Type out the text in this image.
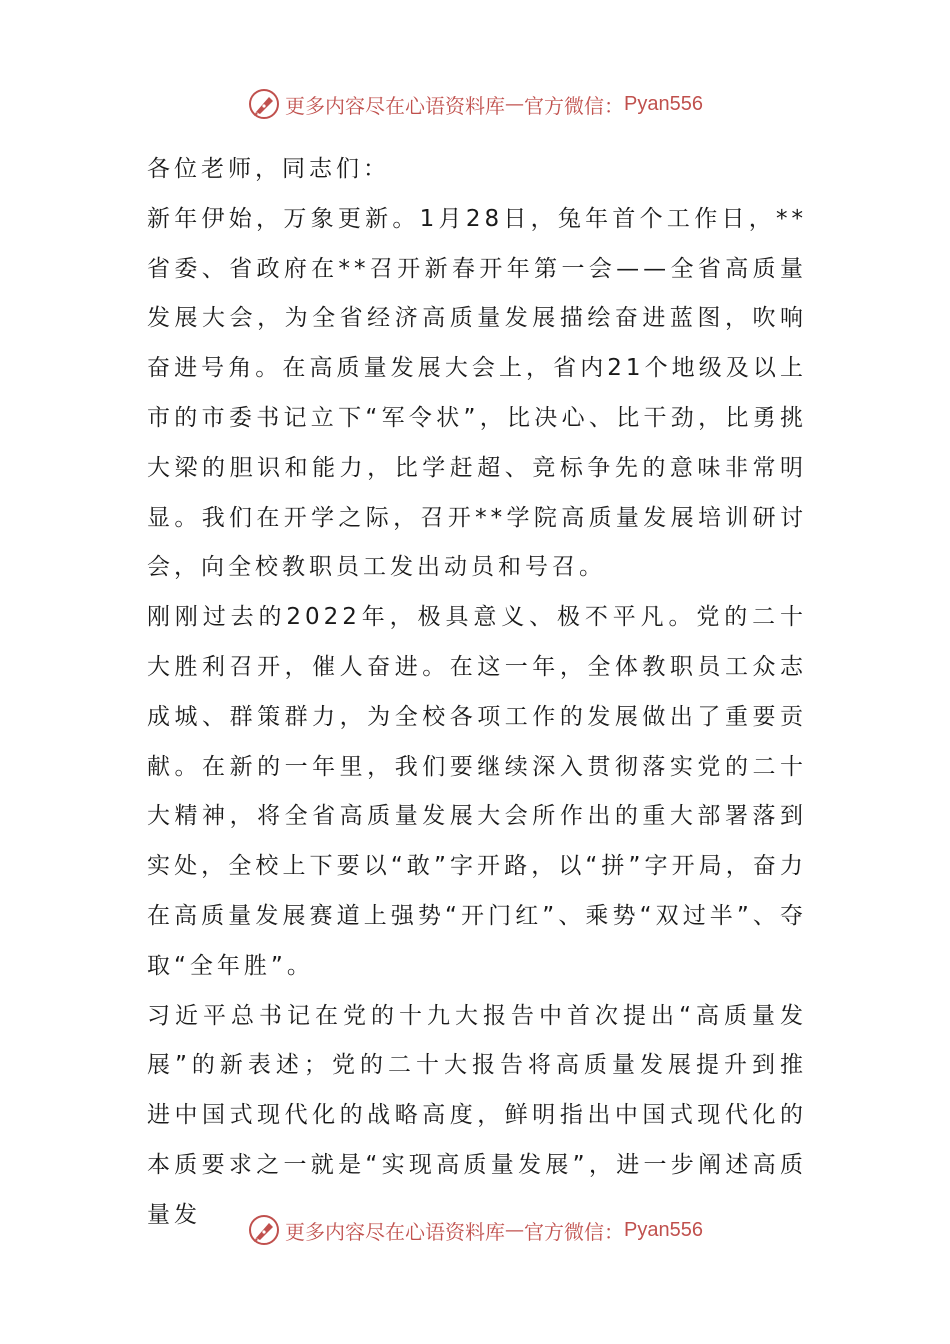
更多内容尽在心语资料库 — 官方微信： Pyan556

各位老师，同志们：

新年伊始，万象更新。1月28日，兔年首个工作日，**省委、省政府在**召开新春开年第一会——全省高质量发展大会，为全省经济高质量发展描绘奋进蓝图，吹响奋进号角。在高质量发展大会上，省内21个地级及以上市的市委书记立下“军令状”，比决心、比干劲，比勇挑大梁的胆识和能力，比学赶超、竞标争先的意味非常明显。我们在开学之际，召开**学院高质量发展培训研讨会，向全校教职员工发出动员和号召。

刚刚过去的2022年，极具意义、极不平凡。党的二十大胜利召开，催人奋进。在这一年，全体教职员工众志成城、群策群力，为全校各项工作的发展做出了重要贡献。在新的一年里，我们要继续深入贯彻落实党的二十大精神，将全省高质量发展大会所作出的重大部署落到实处，全校上下要以“敢”字开路，以“拼”字开局，奋力在高质量发展赛道上强势“开门红”、乘势“双过半”、夺取“全年胜”。

习近平总书记在党的十九大报告中首次提出“高质量发展”的新表述；党的二十大报告将高质量发展提升到推进中国式现代化的战略高度，鲜明指出中国式现代化的本质要求之一就是“实现高质量发展”，进一步阐述高质量发

更多内容尽在心语资料库 — 官方微信： Pyan556
